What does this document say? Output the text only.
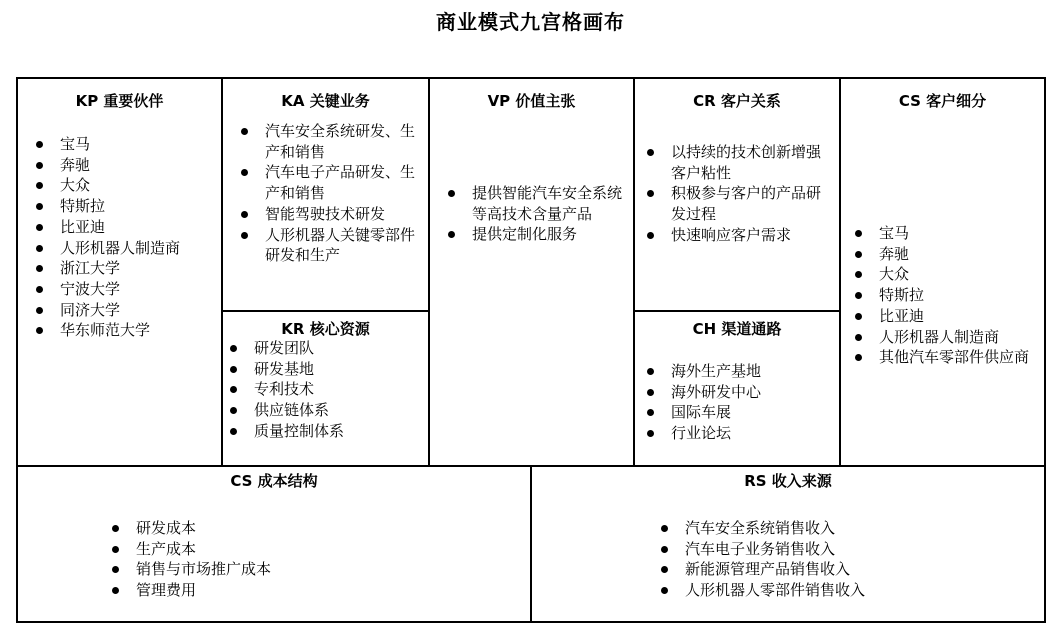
商业模式九宫格画布
KP 重要伙伴
宝马
奔驰
大众
特斯拉
比亚迪
人形机器人制造商
浙江大学
宁波大学
同济大学
华东师范大学
KA 关键业务
汽车安全系统研发、生产和销售
汽车电子产品研发、生产和销售
智能驾驶技术研发
人形机器人关键零部件研发和生产
KR 核心资源
研发团队
研发基地
专利技术
供应链体系
质量控制体系
VP 价值主张
提供智能汽车安全系统等高技术含量产品
提供定制化服务
CR 客户关系
以持续的技术创新增强客户粘性
积极参与客户的产品研发过程
快速响应客户需求
CH 渠道通路
海外生产基地
海外研发中心
国际车展
行业论坛
CS 客户细分
宝马
奔驰
大众
特斯拉
比亚迪
人形机器人制造商
其他汽车零部件供应商
CS 成本结构
研发成本
生产成本
销售与市场推广成本
管理费用
RS 收入来源
汽车安全系统销售收入
汽车电子业务销售收入
新能源管理产品销售收入
人形机器人零部件销售收入
